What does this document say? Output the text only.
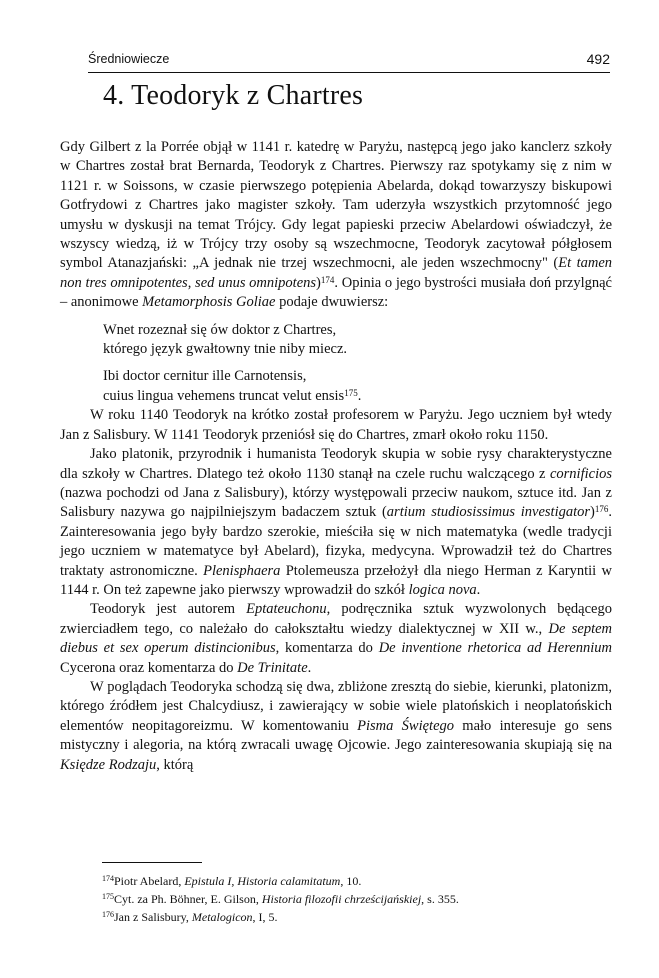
Średniowiecze	492
4. Teodoryk z Chartres

Gdy Gilbert z la Porrée objął w 1141 r. katedrę w Paryżu, następcą jego jako kanclerz szkoły w Chartres został brat Bernarda, Teodoryk z Chartres. Pierwszy raz spotykamy się z nim w 1121 r. w Soissons, w czasie pierwszego potępienia Abelarda, dokąd towarzyszy biskupowi Gotfrydowi z Chartres jako magister szkoły. Tam uderzyła wszystkich przytomność jego umysłu w dyskusji na temat Trójcy. Gdy legat papieski przeciw Abelardowi oświadczył, że wszyscy wiedzą, iż w Trójcy trzy osoby są wszechmocne, Teodoryk zacytował półgłosem symbol Atanazjański: „A jednak nie trzej wszechmocni, ale jeden wszechmocny" (Et tamen non tres omnipotentes, sed unus omnipotens)$^{174}$. Opinia o jego bystrości musiała doń przylgnąć – anonimowe Metamorphosis Goliae podaje dwuwiersz:

Wnet rozeznał się ów doktor z Chartres,
którego język gwałtowny tnie niby miecz.
Ibi doctor cernitur ille Carnotensis,
cuius lingua vehemens truncat velut ensis$^{175}$.

W roku 1140 Teodoryk na krótko został profesorem w Paryżu. Jego uczniem był wtedy Jan z Salisbury. W 1141 Teodoryk przeniósł się do Chartres, zmarł około roku 1150.

Jako platonik, przyrodnik i humanista Teodoryk skupia w sobie rysy charakterystyczne dla szkoły w Chartres. Dlatego też około 1130 stanął na czele ruchu walczącego z cornificios (nazwa pochodzi od Jana z Salisbury), którzy występowali przeciw naukom, sztuce itd. Jan z Salisbury nazywa go najpilniejszym badaczem sztuk (artium studiosissimus investigator)$^{176}$. Zainteresowania jego były bardzo szerokie, mieściła się w nich matematyka (wedle tradycji jego uczniem w matematyce był Abelard), fizyka, medycyna. Wprowadził też do Chartres traktaty astronomiczne. Plenisphaera Ptolemeusza przełożył dla niego Herman z Karyntii w 1144 r. On też zapewne jako pierwszy wprowadził do szkół logica nova.

Teodoryk jest autorem Eptateuchonu, podręcznika sztuk wyzwolonych będącego zwierciadłem tego, co należało do całokształtu wiedzy dialektycznej w XII w., De septem diebus et sex operum distincionibus, komentarza do De inventione rhetorica ad Herennium Cycerona oraz komentarza do De Trinitate.

W poglądach Teodoryka schodzą się dwa, zbliżone zresztą do siebie, kierunki, platonizm, którego źródłem jest Chalcydiusz, i zawierający w sobie wiele platońskich i neoplatońskich elementów neopitagoreizmu. W komentowaniu Pisma Świętego mało interesuje go sens mistyczny i alegoria, na którą zwracali uwagę Ojcowie. Jego zainteresowania skupiają się na Księdze Rodzaju, którą

$^{174}$Piotr Abelard, Epistula I, Historia calamitatum, 10.
$^{175}$Cyt. za Ph. Böhner, E. Gilson, Historia filozofii chrześcijańskiej, s. 355.
$^{176}$Jan z Salisbury, Metalogicon, I, 5.
